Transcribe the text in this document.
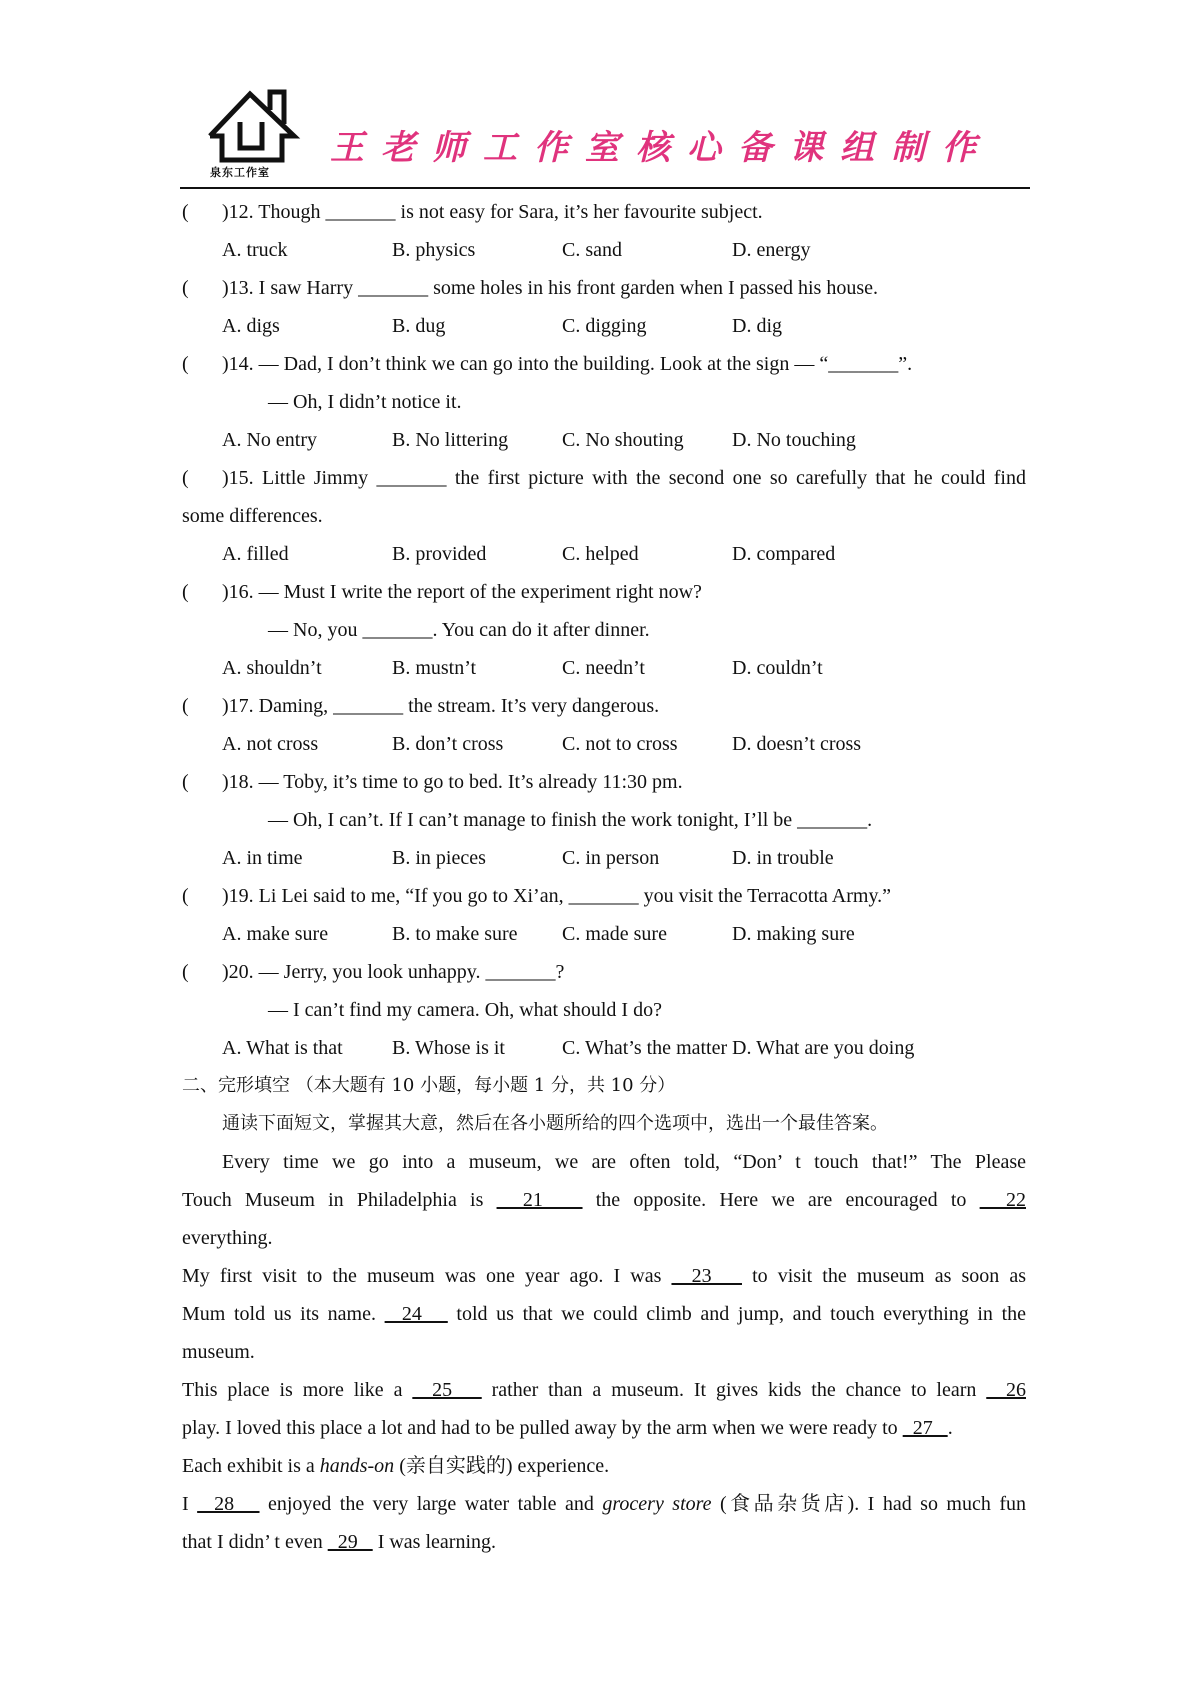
泉东工作室
王老师工作室核心备课组制作
( )12. Though _______ is not easy for Sara, it’s her favourite subject.
A. truck	B. physics	C. sand	D. energy
( )13. I saw Harry _______ some holes in his front garden when I passed his house.
A. digs	B. dug	C. digging	D. dig
( )14. — Dad, I don’t think we can go into the building. Look at the sign — “_______”.
— Oh, I didn’t notice it.
A. No entry	B. No littering	C. No shouting D. No touching
( )15. Little Jimmy _______ the first picture with the second one so carefully that he could find
some differences.
A. filled	B. provided	C. helped	D. compared
( )16. — Must I write the report of the experiment right now?
— No, you _______. You can do it after dinner.
A. shouldn’t	B. mustn’t	C. needn’t	D. couldn’t
( )17. Daming, _______ the stream. It’s very dangerous.
A. not cross	B. don’t cross	C. not to cross	D. doesn’t cross
( )18. — Toby, it’s time to go to bed. It’s already 11:30 pm.
— Oh, I can’t. If I can’t manage to finish the work tonight, I’ll be _______.
A. in time	B. in pieces	C. in person	D. in trouble
( )19. Li Lei said to me, “If you go to Xi’an, _______ you visit the Terracotta Army.”
A. make sure	B. to make sure C. made sure	D. making sure
( )20. — Jerry, you look unhappy. _______?
— I can’t find my camera. Oh, what should I do?
A. What is that B. Whose is it	C. What’s the matter D. What are you doing
二、完形填空 （本大题有 10 小题，每小题 1 分，共 10 分）
通读下面短文，掌握其大意，然后在各小题所给的四个选项中，选出一个最佳答案。
Every time we go into a museum, we are often told, “Don’ t touch that!” The Please
Touch Museum in Philadelphia is   21    the opposite. Here we are encouraged to   22
everything.
My first visit to the museum was one year ago. I was   23    to visit the museum as soon as
Mum told us its name.   24    told us that we could climb and jump, and touch everything in the
museum.
This place is more like a   25    rather than a museum. It gives kids the chance to learn   26
play. I loved this place a lot and had to be pulled away by the arm when we were ready to   27   .
Each exhibit is a hands-on (亲自实践的) experience.
I   28    enjoyed the very large water table and grocery store (食品杂货店). I had so much fun
that I didn’ t even   29    I was learning.
